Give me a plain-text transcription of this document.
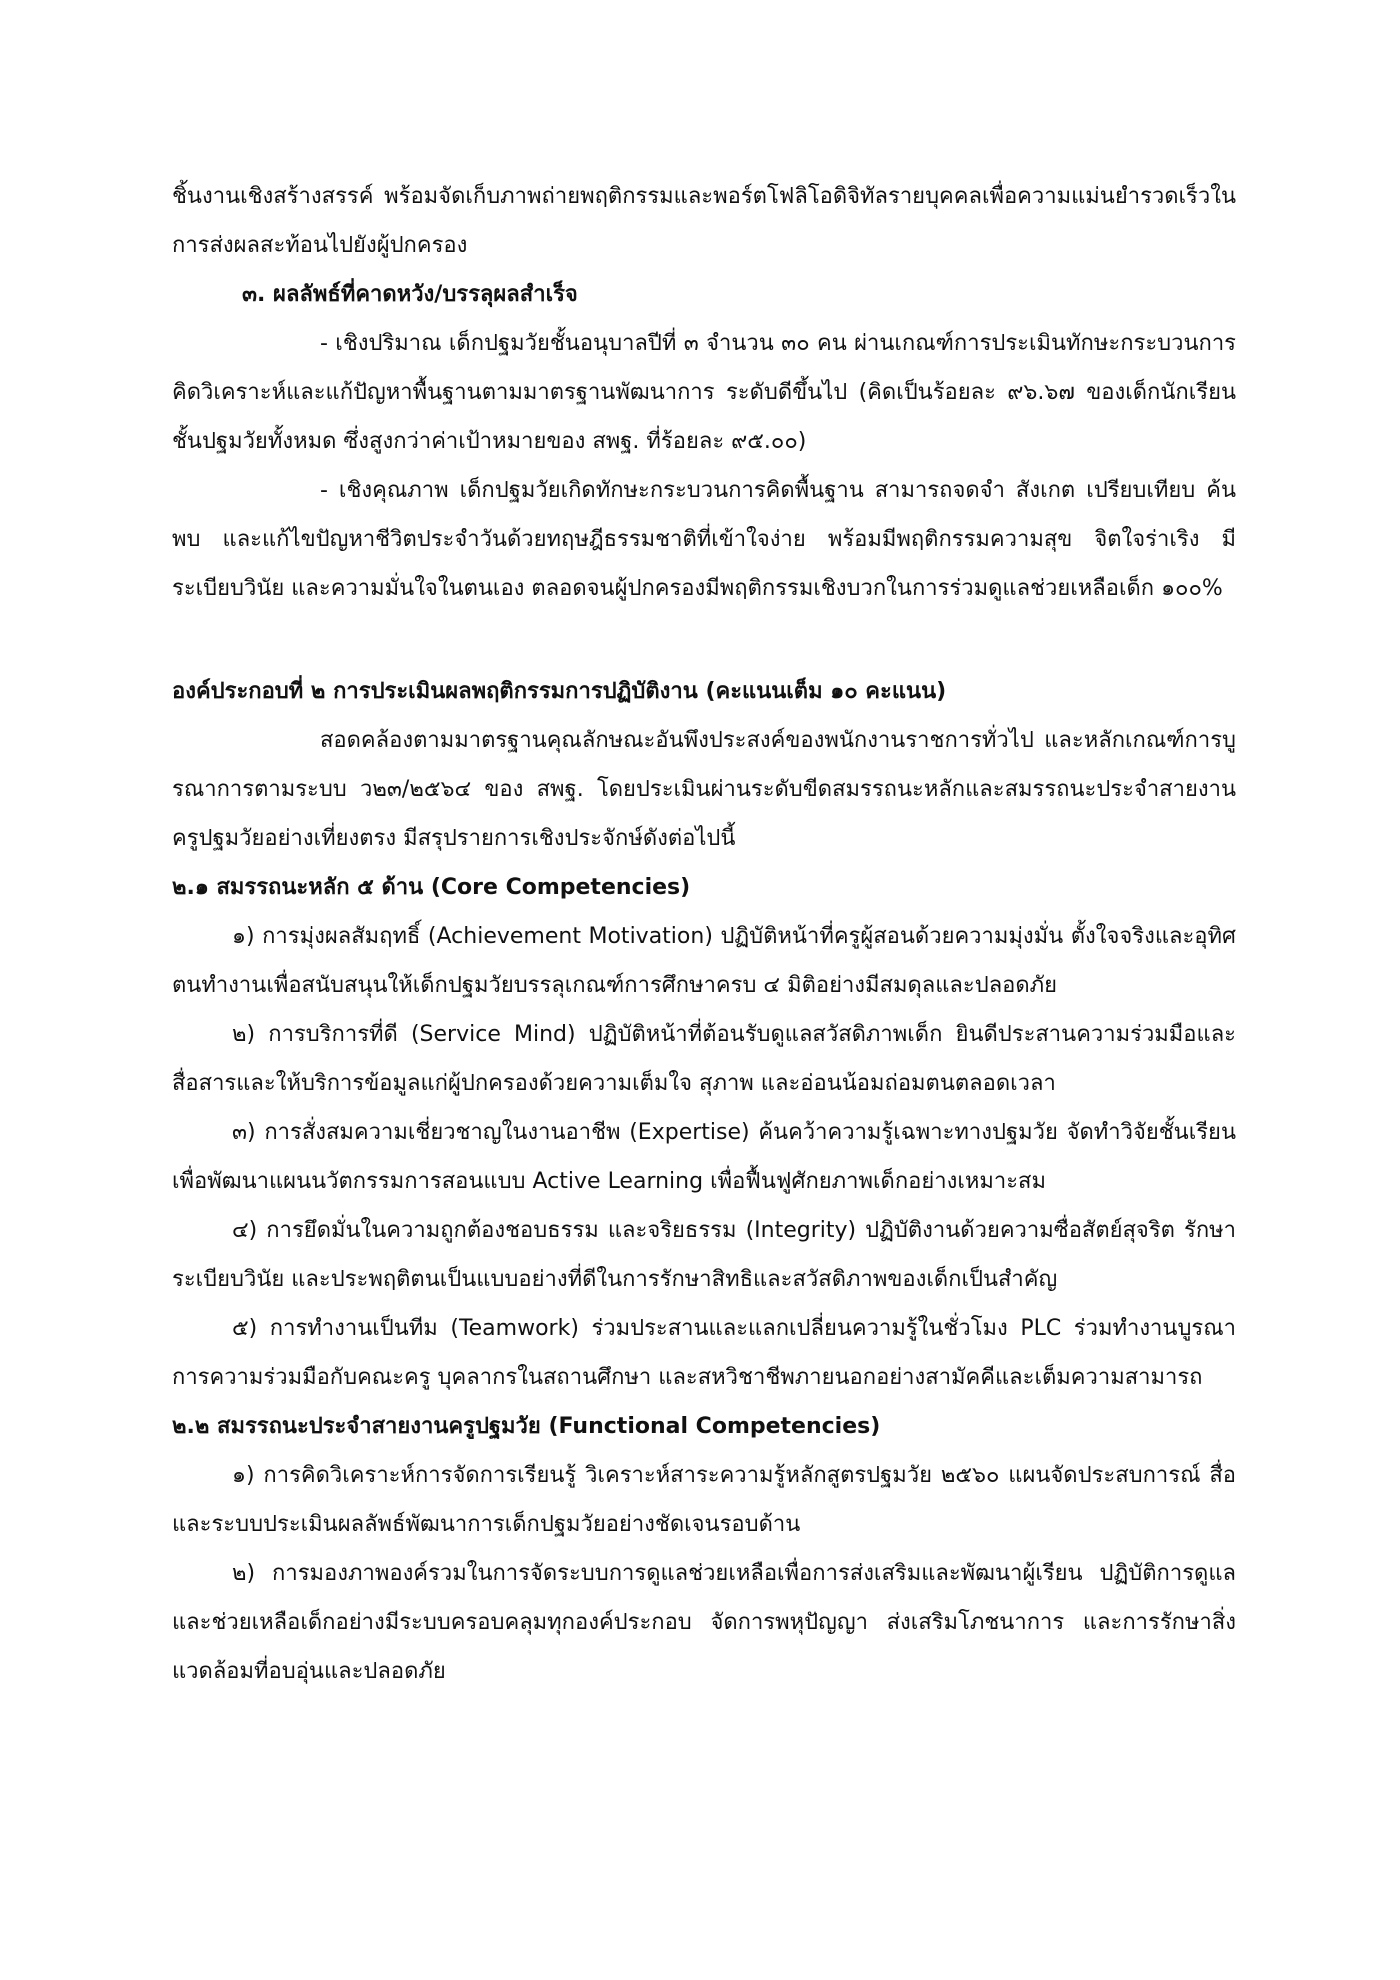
ชิ้นงานเชิงสร้างสรรค์ พร้อมจัดเก็บภาพถ่ายพฤติกรรมและพอร์ตโฟลิโอดิจิทัลรายบุคคลเพื่อความแม่นยำรวดเร็วในการส่งผลสะท้อนไปยังผู้ปกครอง

๓. ผลลัพธ์ที่คาดหวัง/บรรลุผลสำเร็จ

- เชิงปริมาณ เด็กปฐมวัยชั้นอนุบาลปีที่ ๓ จำนวน ๓๐ คน ผ่านเกณฑ์การประเมินทักษะกระบวนการคิดวิเคราะห์และแก้ปัญหาพื้นฐานตามมาตรฐานพัฒนาการ ระดับดีขึ้นไป (คิดเป็นร้อยละ ๙๖.๖๗ ของเด็กนักเรียนชั้นปฐมวัยทั้งหมด ซึ่งสูงกว่าค่าเป้าหมายของ สพฐ. ที่ร้อยละ ๙๕.๐๐)

- เชิงคุณภาพ เด็กปฐมวัยเกิดทักษะกระบวนการคิดพื้นฐาน สามารถจดจำ สังเกต เปรียบเทียบ ค้นพบ และแก้ไขปัญหาชีวิตประจำวันด้วยทฤษฎีธรรมชาติที่เข้าใจง่าย พร้อมมีพฤติกรรมความสุข จิตใจร่าเริง มีระเบียบวินัย และความมั่นใจในตนเอง ตลอดจนผู้ปกครองมีพฤติกรรมเชิงบวกในการร่วมดูแลช่วยเหลือเด็ก ๑๐๐%

องค์ประกอบที่ ๒ การประเมินผลพฤติกรรมการปฏิบัติงาน (คะแนนเต็ม ๑๐ คะแนน)

สอดคล้องตามมาตรฐานคุณลักษณะอันพึงประสงค์ของพนักงานราชการทั่วไป และหลักเกณฑ์การบูรณาการตามระบบ ว๒๓/๒๕๖๔ ของ สพฐ. โดยประเมินผ่านระดับขีดสมรรถนะหลักและสมรรถนะประจำสายงานครูปฐมวัยอย่างเที่ยงตรง มีสรุปรายการเชิงประจักษ์ดังต่อไปนี้

๒.๑ สมรรถนะหลัก ๕ ด้าน (Core Competencies)

๑) การมุ่งผลสัมฤทธิ์ (Achievement Motivation) ปฏิบัติหน้าที่ครูผู้สอนด้วยความมุ่งมั่น ตั้งใจจริงและอุทิศตนทำงานเพื่อสนับสนุนให้เด็กปฐมวัยบรรลุเกณฑ์การศึกษาครบ ๔ มิติอย่างมีสมดุลและปลอดภัย

๒) การบริการที่ดี (Service Mind) ปฏิบัติหน้าที่ต้อนรับดูแลสวัสดิภาพเด็ก ยินดีประสานความร่วมมือและสื่อสารและให้บริการข้อมูลแก่ผู้ปกครองด้วยความเต็มใจ สุภาพ และอ่อนน้อมถ่อมตนตลอดเวลา

๓) การสั่งสมความเชี่ยวชาญในงานอาชีพ (Expertise) ค้นคว้าความรู้เฉพาะทางปฐมวัย จัดทำวิจัยชั้นเรียนเพื่อพัฒนาแผนนวัตกรรมการสอนแบบ Active Learning เพื่อฟื้นฟูศักยภาพเด็กอย่างเหมาะสม

๔) การยึดมั่นในความถูกต้องชอบธรรม และจริยธรรม (Integrity) ปฏิบัติงานด้วยความซื่อสัตย์สุจริต รักษาระเบียบวินัย และประพฤติตนเป็นแบบอย่างที่ดีในการรักษาสิทธิและสวัสดิภาพของเด็กเป็นสำคัญ

๕) การทำงานเป็นทีม (Teamwork) ร่วมประสานและแลกเปลี่ยนความรู้ในชั่วโมง PLC ร่วมทำงานบูรณาการความร่วมมือกับคณะครู บุคลากรในสถานศึกษา และสหวิชาชีพภายนอกอย่างสามัคคีและเต็มความสามารถ

๒.๒ สมรรถนะประจำสายงานครูปฐมวัย (Functional Competencies)

๑) การคิดวิเคราะห์การจัดการเรียนรู้ วิเคราะห์สาระความรู้หลักสูตรปฐมวัย ๒๕๖๐ แผนจัดประสบการณ์ สื่อ และระบบประเมินผลลัพธ์พัฒนาการเด็กปฐมวัยอย่างชัดเจนรอบด้าน

๒) การมองภาพองค์รวมในการจัดระบบการดูแลช่วยเหลือเพื่อการส่งเสริมและพัฒนาผู้เรียน ปฏิบัติการดูแลและช่วยเหลือเด็กอย่างมีระบบครอบคลุมทุกองค์ประกอบ จัดการพหุปัญญา ส่งเสริมโภชนาการ และการรักษาสิ่งแวดล้อมที่อบอุ่นและปลอดภัย
